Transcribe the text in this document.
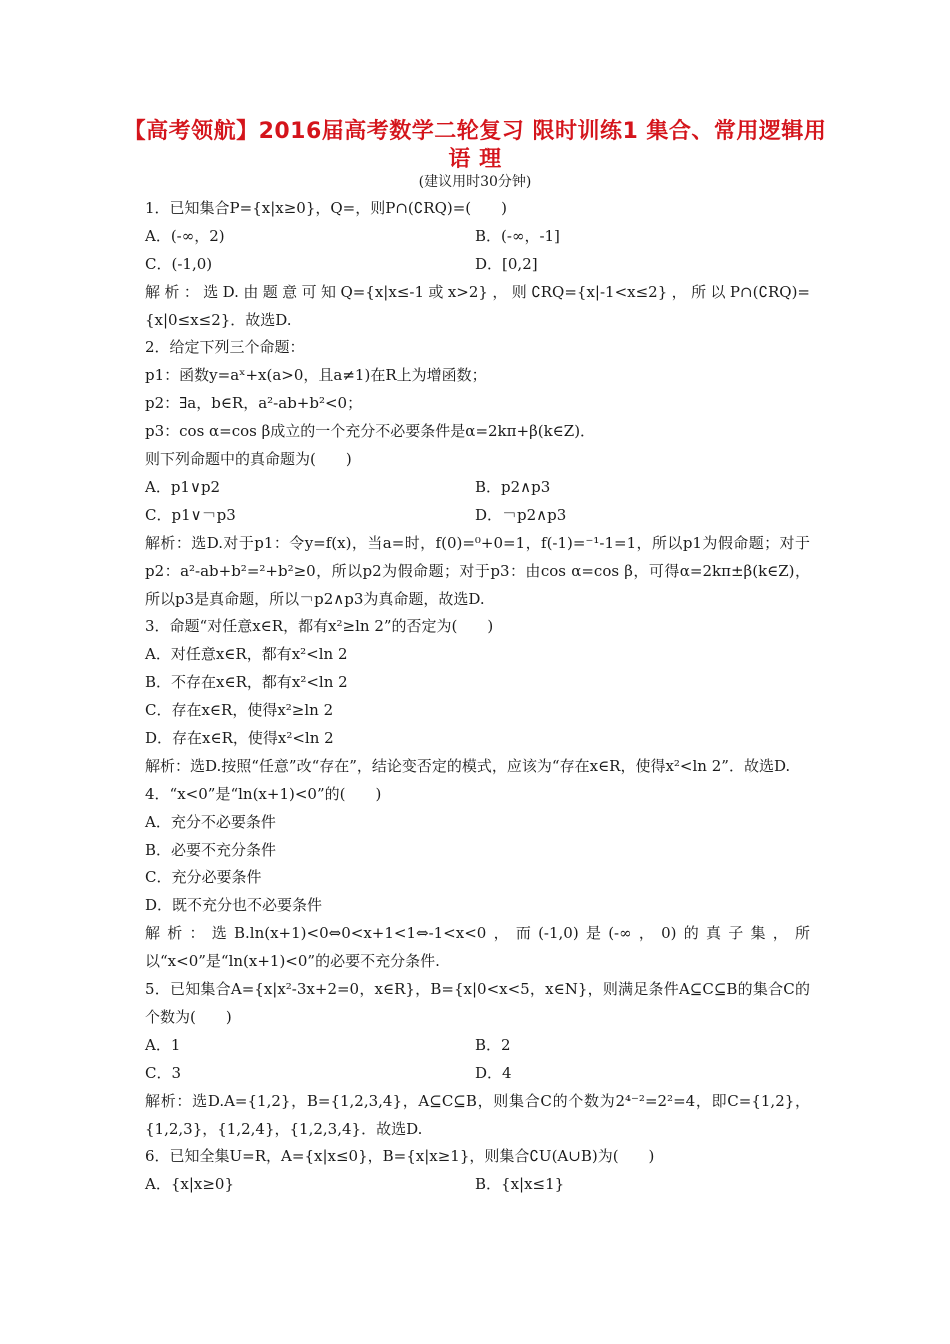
【高考领航】2016届高考数学二轮复习 限时训练1 集合、常用逻辑用语 理
(建议用时30分钟)
1．已知集合P={x|x≥0}，Q=，则P∩(∁RQ)=(　　)
A．(-∞，2)	B．(-∞，-1]
C．(-1,0)	D．[0,2]
解析：选D.由题意可知Q={x|x≤-1或x>2}，则∁RQ={x|-1<x≤2}，所以P∩(∁RQ)={x|0≤x≤2}．故选D.
2．给定下列三个命题：
p1：函数y=aˣ+x(a>0，且a≠1)在R上为增函数；
p2：∃a，b∈R，a²-ab+b²<0；
p3：cos α=cos β成立的一个充分不必要条件是α=2kπ+β(k∈Z)．
则下列命题中的真命题为(　　)
A．p1∨p2	B．p2∧p3
C．p1∨￢p3	D．￢p2∧p3
解析：选D.对于p1：令y=f(x)，当a=时，f(0)=⁰+0=1，f(-1)=⁻¹-1=1，所以p1为假命题；对于p2：a²-ab+b²=²+b²≥0，所以p2为假命题；对于p3：由cos α=cos β，可得α=2kπ±β(k∈Z)，所以p3是真命题，所以￢p2∧p3为真命题，故选D.
3．命题“对任意x∈R，都有x²≥ln 2”的否定为(　　)
A．对任意x∈R，都有x²<ln 2
B．不存在x∈R，都有x²<ln 2
C．存在x∈R，使得x²≥ln 2
D．存在x∈R，使得x²<ln 2
解析：选D.按照“任意”改“存在”，结论变否定的模式，应该为“存在x∈R，使得x²<ln 2”．故选D.
4．“x<0”是“ln(x+1)<0”的(　　)
A．充分不必要条件
B．必要不充分条件
C．充分必要条件
D．既不充分也不必要条件
解析：选B.ln(x+1)<0⇔0<x+1<1⇔-1<x<0，而(-1,0)是(-∞，0)的真子集，所以“x<0”是“ln(x+1)<0”的必要不充分条件.
5．已知集合A={x|x²-3x+2=0，x∈R}，B={x|0<x<5，x∈N}，则满足条件A⊆C⊆B的集合C的个数为(　　)
A．1	B．2
C．3	D．4
解析：选D.A={1,2}，B={1,2,3,4}，A⊆C⊆B，则集合C的个数为2⁴⁻²=2²=4，即C={1,2}，{1,2,3}，{1,2,4}，{1,2,3,4}．故选D.
6．已知全集U=R，A={x|x≤0}，B={x|x≥1}，则集合∁U(A∪B)为(　　)
A．{x|x≥0}	B．{x|x≤1}
